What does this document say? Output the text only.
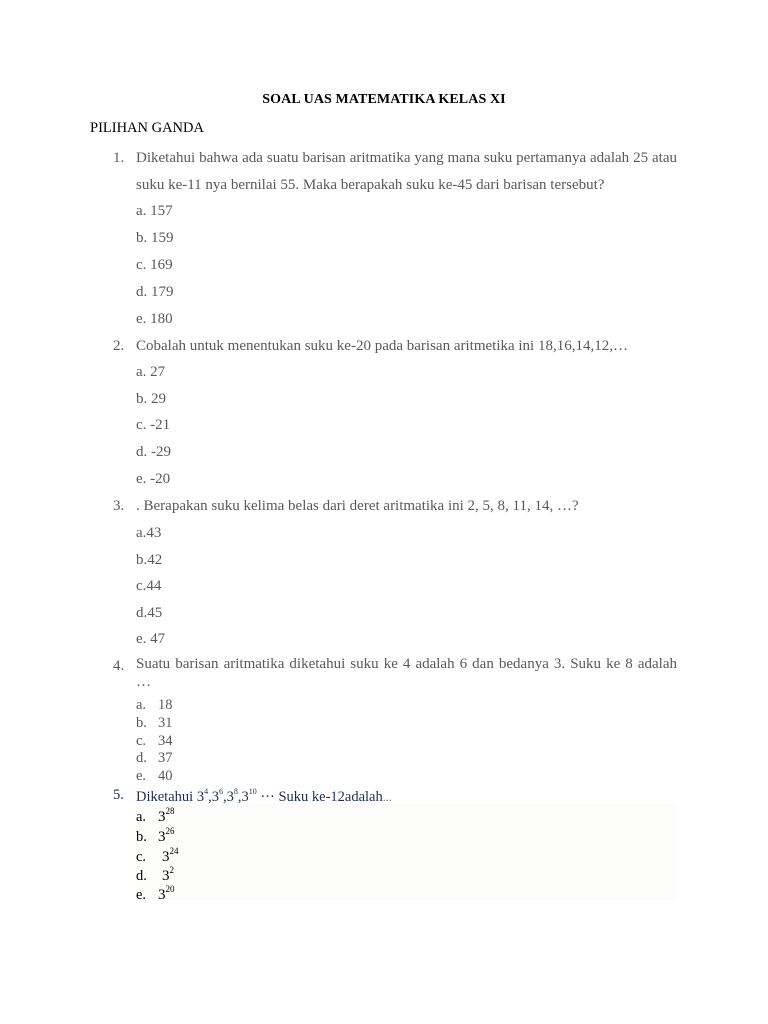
SOAL UAS MATEMATIKA KELAS XI
PILIHAN GANDA
1. Diketahui bahwa ada suatu barisan aritmatika yang mana suku pertamanya adalah 25 atau
suku ke-11 nya bernilai 55. Maka berapakah suku ke-45 dari barisan tersebut?
a. 157
b. 159
c. 169
d. 179
e. 180
2. Cobalah untuk menentukan suku ke-20 pada barisan aritmetika ini 18,16,14,12,…
a. 27
b. 29
c. -21
d. -29
e. -20
3. . Berapakan suku kelima belas dari deret aritmatika ini 2, 5, 8, 11, 14, …?
a.43
b.42
c.44
d.45
e. 47
4. Suatu barisan aritmatika diketahui suku ke 4 adalah 6 dan bedanya 3. Suku ke 8 adalah
…
a. 18
b. 31
c. 34
d. 37
e. 40
5. Diketahui $3^4,3^6,3^8,3^{10}$ ··· Suku ke-12adalah...
a. $3^{28}$
b. $3^{26}$
c. $3^{24}$
d. $3^2$
e. $3^{20}$
